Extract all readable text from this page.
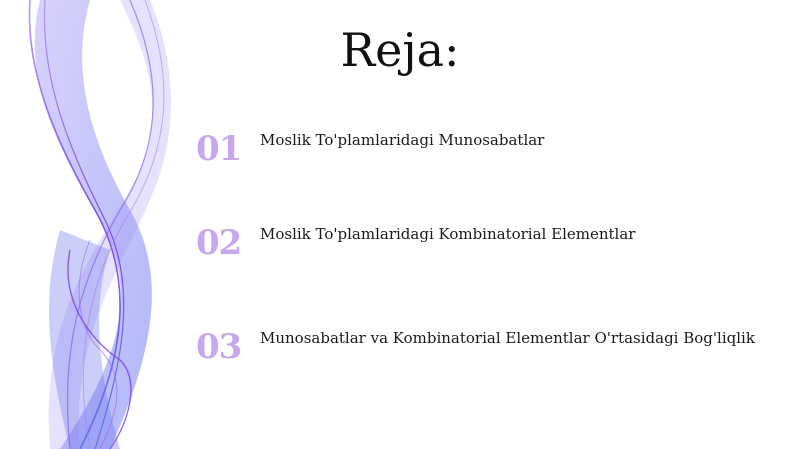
Reja:
01	Moslik To'plamlaridagi Munosabatlar
02	Moslik To'plamlaridagi Kombinatorial Elementlar
03	Munosabatlar va Kombinatorial Elementlar O'rtasidagi Bog'liqlik
